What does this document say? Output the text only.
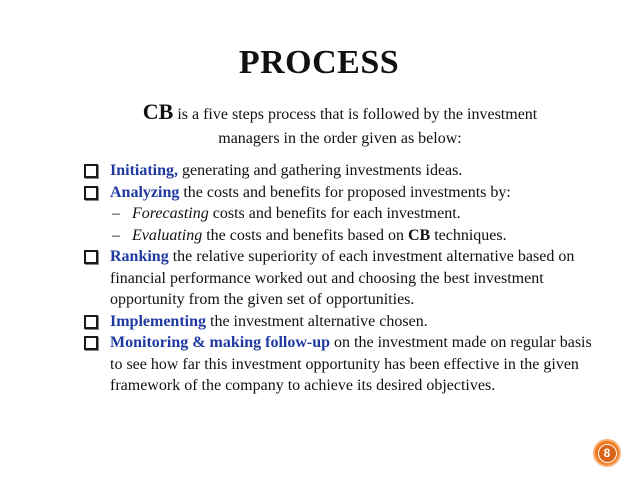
PROCESS
CB is a five steps process that is followed by the investment
managers in the order given as below:
Initiating, generating and gathering investments ideas.
Analyzing the costs and benefits for proposed investments by:
– Forecasting costs and benefits for each investment.
– Evaluating the costs and benefits based on CB techniques.
Ranking the relative superiority of each investment alternative based on financial performance worked out and choosing the best investment opportunity from the given set of opportunities.
Implementing the investment alternative chosen.
Monitoring & making follow-up on the investment made on regular basis to see how far this investment opportunity has been effective in the given framework of the company to achieve its desired objectives.
8
